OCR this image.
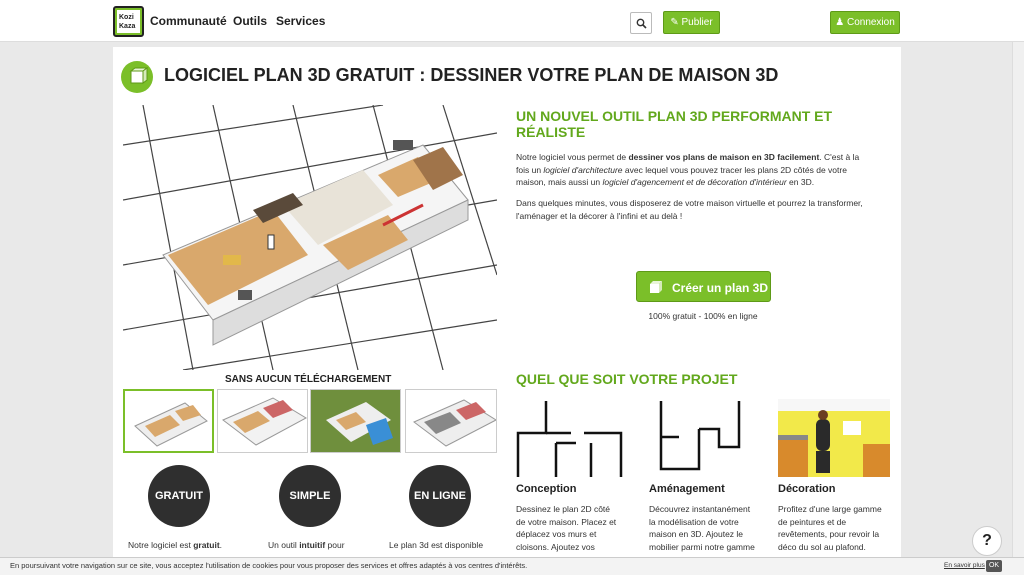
Kozi
Kaza Communauté Outils Services	✎ Publier	♟ Connexion
LOGICIEL PLAN 3D GRATUIT : DESSINER VOTRE PLAN DE MAISON 3D
UN NOUVEL OUTIL PLAN 3D PERFORMANT ET
RÉALISTE
Notre logiciel vous permet de dessiner vos plans de maison en 3D facilement. C'est à la
fois un logiciel d'architecture avec lequel vous pouvez tracer les plans 2D côtés de votre
maison, mais aussi un logiciel d'agencement et de décoration d'intérieur en 3D.
Dans quelques minutes, vous disposerez de votre maison virtuelle et pourrez la transformer,
l'aménager et la décorer à l'infini et au delà !
Créer un plan 3D
100% gratuit - 100% en ligne
SANS AUCUN TÉLÉCHARGEMENT
GRATUIT	SIMPLE	EN LIGNE
Notre logiciel est gratuit.	Un outil intuitif pour	Le plan 3d est disponible
QUEL QUE SOIT VOTRE PROJET
Conception	Aménagement	Décoration
Dessinez le plan 2D côté
de votre maison. Placez et
déplacez vos murs et
cloisons. Ajoutez vos
Découvrez instantanément
la modélisation de votre
maison en 3D. Ajoutez le
mobilier parmi notre gamme
Profitez d'une large gamme
de peintures et de
revêtements, pour revoir la
déco du sol au plafond.	?
En poursuivant votre navigation sur ce site, vous acceptez l'utilisation de cookies pour vous proposer des services et offres adaptés à vos centres d'intérêts.	En savoir plus OK
